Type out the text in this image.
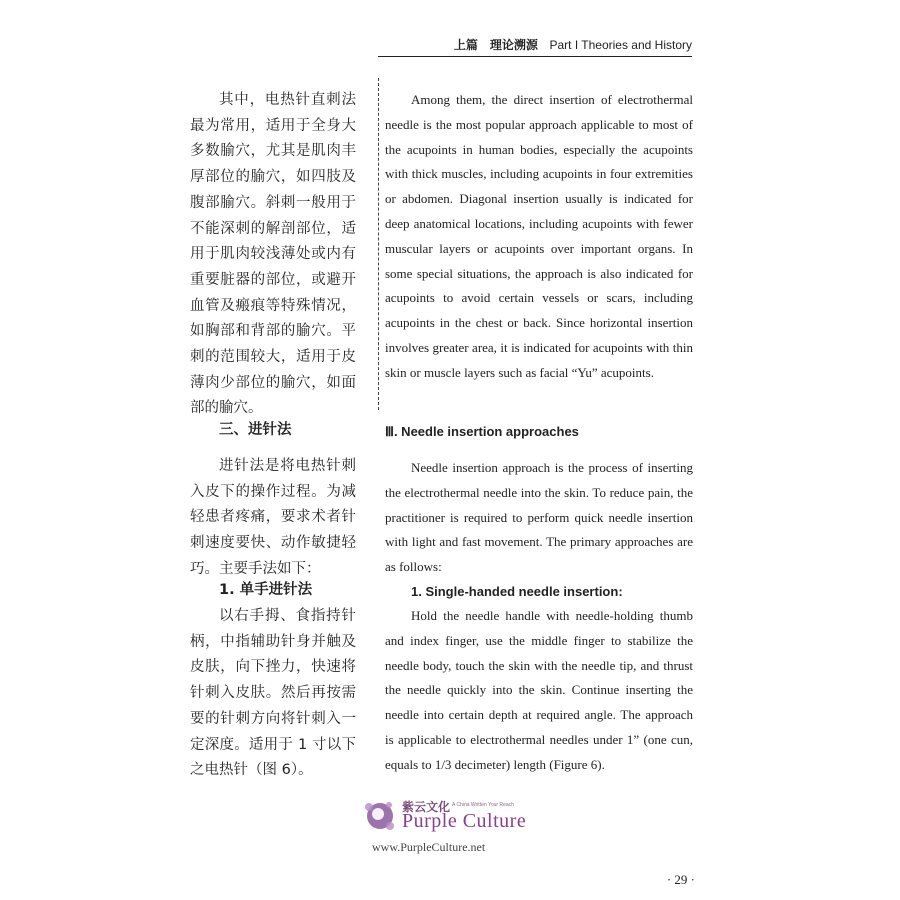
上篇　理论溯源 Part I Theories and History

其中，电热针直刺法最为常用，适用于全身大多数腧穴，尤其是肌肉丰厚部位的腧穴，如四肢及腹部腧穴。斜刺一般用于不能深刺的解剖部位，适用于肌肉较浅薄处或内有重要脏器的部位，或避开血管及瘢痕等特殊情况，如胸部和背部的腧穴。平刺的范围较大，适用于皮薄肉少部位的腧穴，如面部的腧穴。

三、进针法

进针法是将电热针刺入皮下的操作过程。为减轻患者疼痛，要求术者针刺速度要快、动作敏捷轻巧。主要手法如下：

1. 单手进针法

以右手拇、食指持针柄，中指辅助针身并触及皮肤，向下挫力，快速将针刺入皮肤。然后再按需要的针刺方向将针刺入一定深度。适用于 1 寸以下之电热针（图 6）。

Among them, the direct insertion of electrothermal needle is the most popular approach applicable to most of the acupoints in human bodies, especially the acupoints with thick muscles, including acupoints in four extremities or abdomen. Diagonal insertion usually is indicated for deep anatomical locations, including acupoints with fewer muscular layers or acupoints over important organs. In some special situations, the approach is also indicated for acupoints to avoid certain vessels or scars, including acupoints in the chest or back. Since horizontal insertion involves greater area, it is indicated for acupoints with thin skin or muscle layers such as facial “Yu” acupoints.

Ⅲ. Needle insertion approaches

Needle insertion approach is the process of inserting the electrothermal needle into the skin. To reduce pain, the practitioner is required to perform quick needle insertion with light and fast movement. The primary approaches are as follows:

1. Single-handed needle insertion:

Hold the needle handle with needle-holding thumb and index finger, use the middle finger to stabilize the needle body, touch the skin with the needle tip, and thrust the needle quickly into the skin. Continue inserting the needle into certain depth at required angle. The approach is applicable to electrothermal needles under 1” (one cun, equals to 1/3 decimeter) length (Figure 6).

紫云文化 A China Written Your Reach
Purple Culture
www.PurpleCulture.net
· 29 ·
